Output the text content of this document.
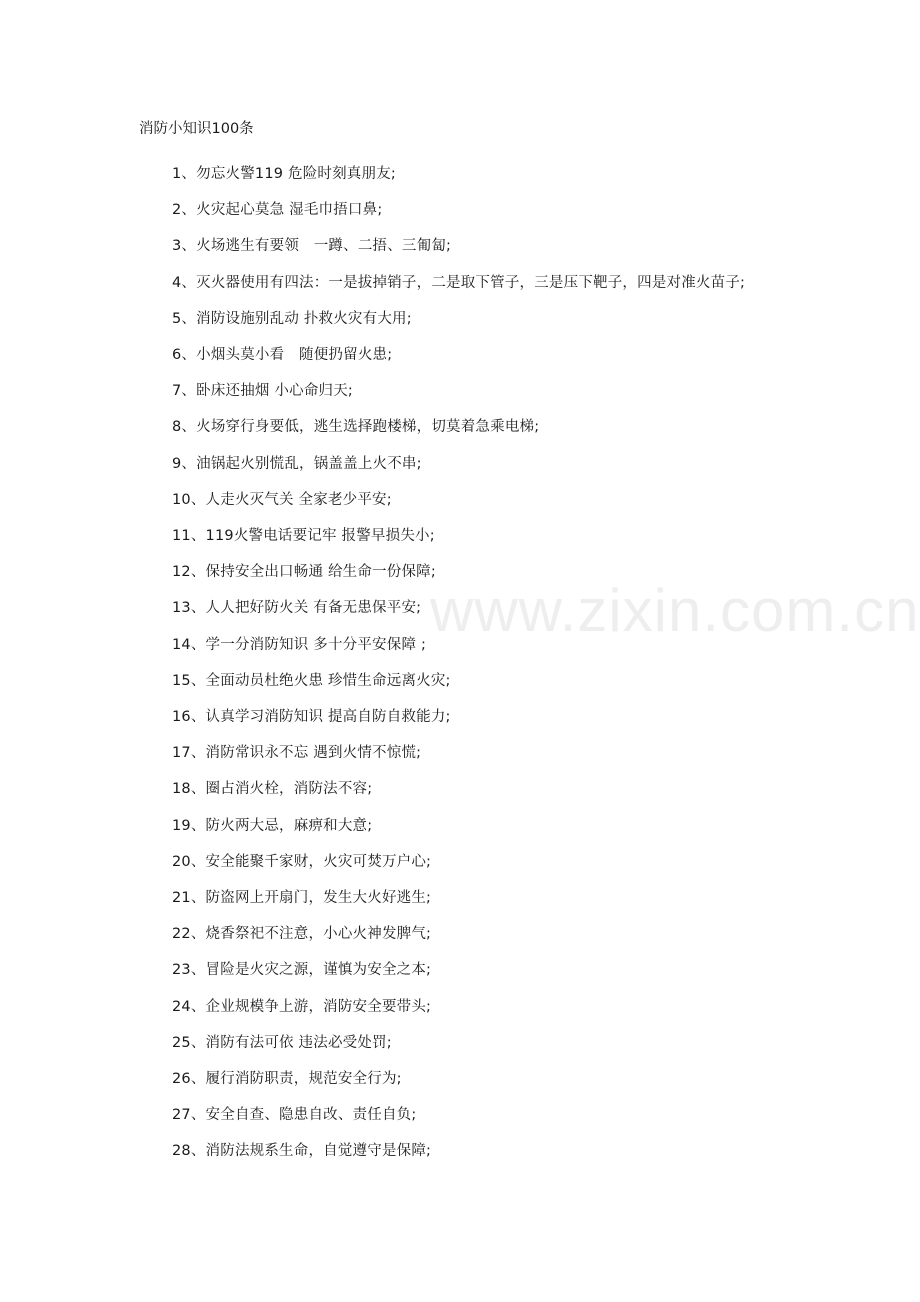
消防小知识100条

1、勿忘火警119 危险时刻真朋友;

2、火灾起心莫急 湿毛巾捂口鼻;

3、火场逃生有要领　一蹲、二捂、三匍匐;

4、灭火器使用有四法：一是拔掉销子，二是取下管子，三是压下靶子，四是对准火苗子;

5、消防设施别乱动 扑救火灾有大用;

6、小烟头莫小看　随便扔留火患;

7、卧床还抽烟 小心命归天;

8、火场穿行身要低，逃生选择跑楼梯，切莫着急乘电梯;

9、油锅起火别慌乱，锅盖盖上火不串;

10、人走火灭气关 全家老少平安;

11、119火警电话要记牢 报警早损失小;

12、保持安全出口畅通 给生命一份保障;

13、人人把好防火关 有备无患保平安;

14、学一分消防知识 多十分平安保障 ;

15、全面动员杜绝火患 珍惜生命远离火灾;

16、认真学习消防知识 提高自防自救能力;

17、消防常识永不忘 遇到火情不惊慌;

18、圈占消火栓，消防法不容;

19、防火两大忌，麻痹和大意;

20、安全能聚千家财，火灾可焚万户心;

21、防盗网上开扇门，发生大火好逃生;

22、烧香祭祀不注意，小心火神发脾气;

23、冒险是火灾之源，谨慎为安全之本;

24、企业规模争上游，消防安全要带头;

25、消防有法可依 违法必受处罚;

26、履行消防职责，规范安全行为;

27、安全自查、隐患自改、责任自负;

28、消防法规系生命，自觉遵守是保障;

www.zixin.com.cn
